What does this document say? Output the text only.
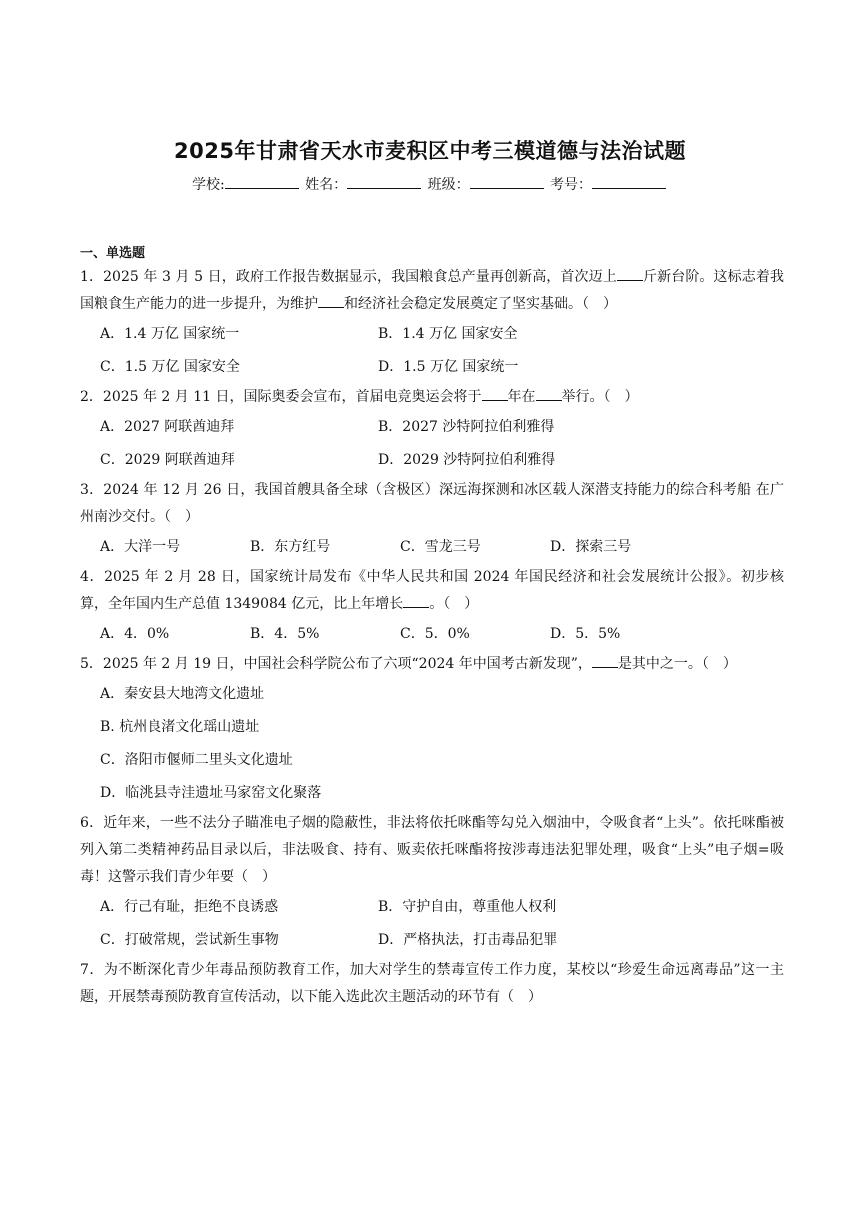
2025年甘肃省天水市麦积区中考三模道德与法治试题
学校:	姓名：	班级：	考号：
一、单选题

1．2025 年 3 月 5 日，政府工作报告数据显示，我国粮食总产量再创新高，首次迈上 斤新台阶。这标志着我国粮食生产能力的进一步提升，为维护 和经济社会稳定发展奠定了坚实基础。（　）

A．1.4 万亿 国家统一	B．1.4 万亿 国家安全
C．1.5 万亿 国家安全	D．1.5 万亿 国家统一

2．2025 年 2 月 11 日，国际奥委会宣布，首届电竞奥运会将于 年在 举行。（　）

A．2027 阿联酋迪拜	B．2027 沙特阿拉伯利雅得
C．2029 阿联酋迪拜	D．2029 沙特阿拉伯利雅得

3．2024 年 12 月 26 日，我国首艘具备全球（含极区）深远海探测和冰区载人深潜支持能力的综合科考船 在广州南沙交付。（　）

A．大洋一号	B．东方红号	C．雪龙三号	D．探索三号

4．2025 年 2 月 28 日，国家统计局发布《中华人民共和国 2024 年国民经济和社会发展统计公报》。初步核算，全年国内生产总值 1349084 亿元，比上年增长 。（　）

A．4．0%	B．4．5%	C．5．0%	D．5．5%

5．2025 年 2 月 19 日，中国社会科学院公布了六项“2024 年中国考古新发现”， 是其中之一。（　）

A．秦安县大地湾文化遗址
B. 杭州良渚文化瑶山遗址
C．洛阳市偃师二里头文化遗址
D．临洮县寺洼遗址马家窑文化聚落

6．近年来，一些不法分子瞄准电子烟的隐蔽性，非法将依托咪酯等勾兑入烟油中，令吸食者“上头”。依托咪酯被列入第二类精神药品目录以后，非法吸食、持有、贩卖依托咪酯将按涉毒违法犯罪处理，吸食“上头”电子烟=吸毒！这警示我们青少年要（　）

A．行己有耻，拒绝不良诱惑	B．守护自由，尊重他人权利
C．打破常规，尝试新生事物	D．严格执法，打击毒品犯罪

7．为不断深化青少年毒品预防教育工作，加大对学生的禁毒宣传工作力度，某校以“珍爱生命远离毒品”这一主题，开展禁毒预防教育宣传活动，以下能入选此次主题活动的环节有（　）
